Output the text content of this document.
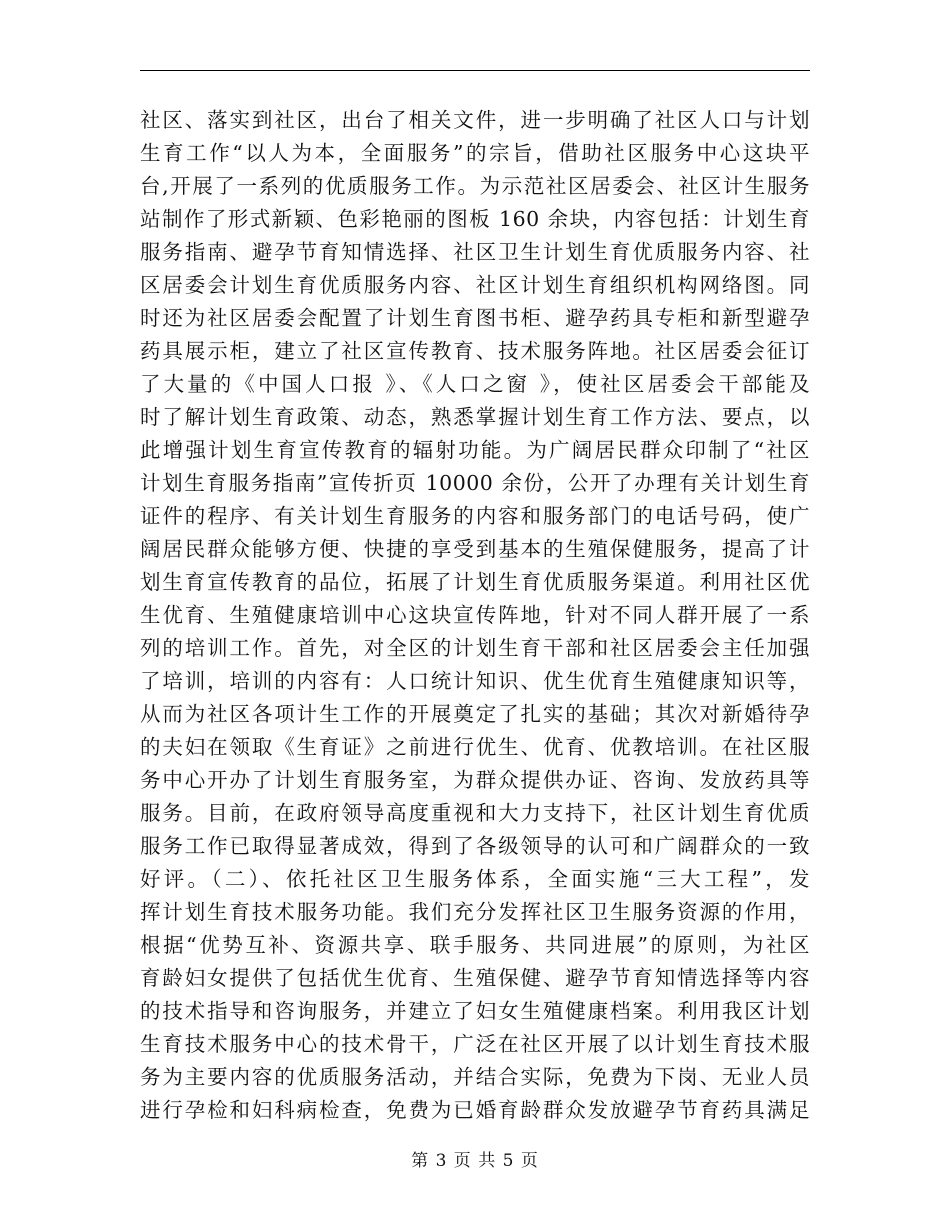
社区、落实到社区，出台了相关文件，进一步明确了社区人口与计划
生育工作“以人为本，全面服务”的宗旨，借助社区服务中心这块平
台,开展了一系列的优质服务工作。为示范社区居委会、社区计生服务
站制作了形式新颖、色彩艳丽的图板 160 余块，内容包括：计划生育
服务指南、避孕节育知情选择、社区卫生计划生育优质服务内容、社
区居委会计划生育优质服务内容、社区计划生育组织机构网络图。同
时还为社区居委会配置了计划生育图书柜、避孕药具专柜和新型避孕
药具展示柜，建立了社区宣传教育、技术服务阵地。社区居委会征订
了大量的《中国人口报 》、《人口之窗 》，使社区居委会干部能及
时了解计划生育政策、动态，熟悉掌握计划生育工作方法、要点，以
此增强计划生育宣传教育的辐射功能。为广阔居民群众印制了“社区
计划生育服务指南”宣传折页 10000 余份，公开了办理有关计划生育
证件的程序、有关计划生育服务的内容和服务部门的电话号码，使广
阔居民群众能够方便、快捷的享受到基本的生殖保健服务，提高了计
划生育宣传教育的品位，拓展了计划生育优质服务渠道。利用社区优
生优育、生殖健康培训中心这块宣传阵地，针对不同人群开展了一系
列的培训工作。首先，对全区的计划生育干部和社区居委会主任加强
了培训，培训的内容有：人口统计知识、优生优育生殖健康知识等，
从而为社区各项计生工作的开展奠定了扎实的基础；其次对新婚待孕
的夫妇在领取《生育证》之前进行优生、优育、优教培训。在社区服
务中心开办了计划生育服务室，为群众提供办证、咨询、发放药具等
服务。目前，在政府领导高度重视和大力支持下，社区计划生育优质
服务工作已取得显著成效，得到了各级领导的认可和广阔群众的一致
好评。（二）、依托社区卫生服务体系，全面实施“三大工程”，发
挥计划生育技术服务功能。我们充分发挥社区卫生服务资源的作用，
根据“优势互补、资源共享、联手服务、共同进展”的原则，为社区
育龄妇女提供了包括优生优育、生殖保健、避孕节育知情选择等内容
的技术指导和咨询服务，并建立了妇女生殖健康档案。利用我区计划
生育技术服务中心的技术骨干，广泛在社区开展了以计划生育技术服
务为主要内容的优质服务活动，并结合实际，免费为下岗、无业人员
进行孕检和妇科病检查，免费为已婚育龄群众发放避孕节育药具满足
第 3 页 共 5 页
